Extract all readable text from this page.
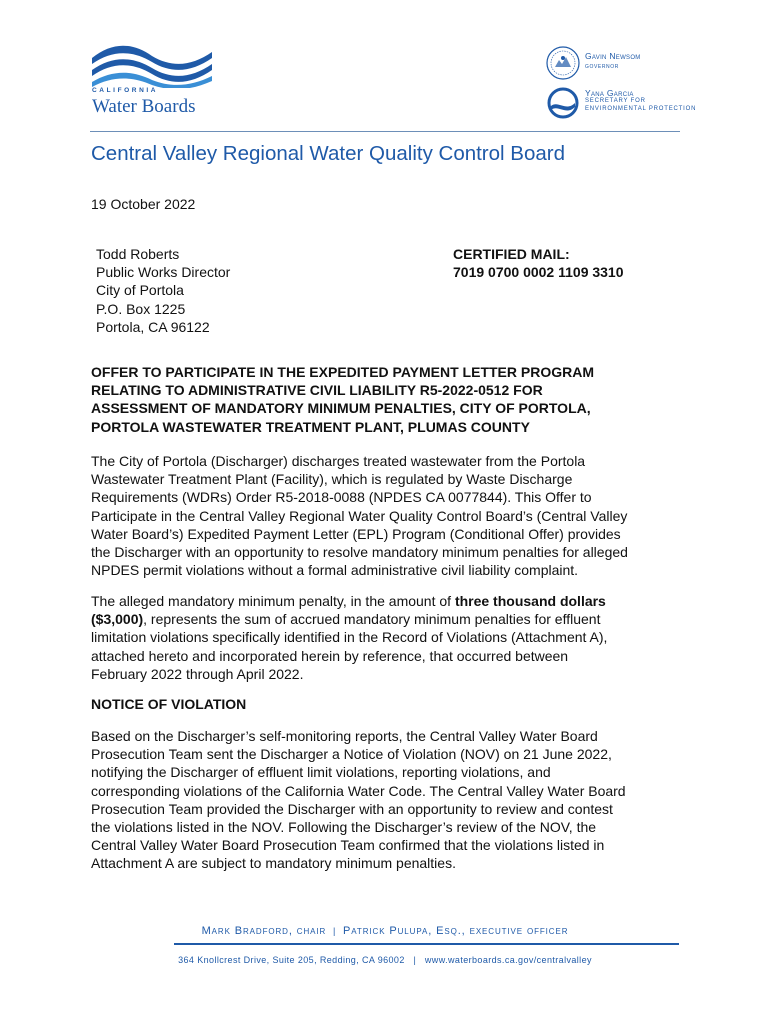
CALIFORNIA
Water Boards
Gavin Newsom
GOVERNOR
Yana Garcia
SECRETARY FOR
ENVIRONMENTAL PROTECTION
Central Valley Regional Water Quality Control Board
19 October 2022
Todd Roberts
Public Works Director
City of Portola
P.O. Box 1225
Portola, CA 96122
CERTIFIED MAIL:
7019 0700 0002 1109 3310
OFFER TO PARTICIPATE IN THE EXPEDITED PAYMENT LETTER PROGRAM
RELATING TO ADMINISTRATIVE CIVIL LIABILITY R5-2022-0512 FOR
ASSESSMENT OF MANDATORY MINIMUM PENALTIES, CITY OF PORTOLA,
PORTOLA WASTEWATER TREATMENT PLANT, PLUMAS COUNTY
The City of Portola (Discharger) discharges treated wastewater from the Portola
Wastewater Treatment Plant (Facility), which is regulated by Waste Discharge
Requirements (WDRs) Order R5-2018-0088 (NPDES CA 0077844). This Offer to
Participate in the Central Valley Regional Water Quality Control Board’s (Central Valley
Water Board’s) Expedited Payment Letter (EPL) Program (Conditional Offer) provides
the Discharger with an opportunity to resolve mandatory minimum penalties for alleged
NPDES permit violations without a formal administrative civil liability complaint.
The alleged mandatory minimum penalty, in the amount of three thousand dollars
($3,000), represents the sum of accrued mandatory minimum penalties for effluent
limitation violations specifically identified in the Record of Violations (Attachment A),
attached hereto and incorporated herein by reference, that occurred between
February 2022 through April 2022.
NOTICE OF VIOLATION
Based on the Discharger’s self-monitoring reports, the Central Valley Water Board
Prosecution Team sent the Discharger a Notice of Violation (NOV) on 21 June 2022,
notifying the Discharger of effluent limit violations, reporting violations, and
corresponding violations of the California Water Code. The Central Valley Water Board
Prosecution Team provided the Discharger with an opportunity to review and contest
the violations listed in the NOV. Following the Discharger’s review of the NOV, the
Central Valley Water Board Prosecution Team confirmed that the violations listed in
Attachment A are subject to mandatory minimum penalties.
Mark Bradford, chair | Patrick Pulupa, Esq., executive officer
364 Knollcrest Drive, Suite 205, Redding, CA 96002 | www.waterboards.ca.gov/centralvalley
